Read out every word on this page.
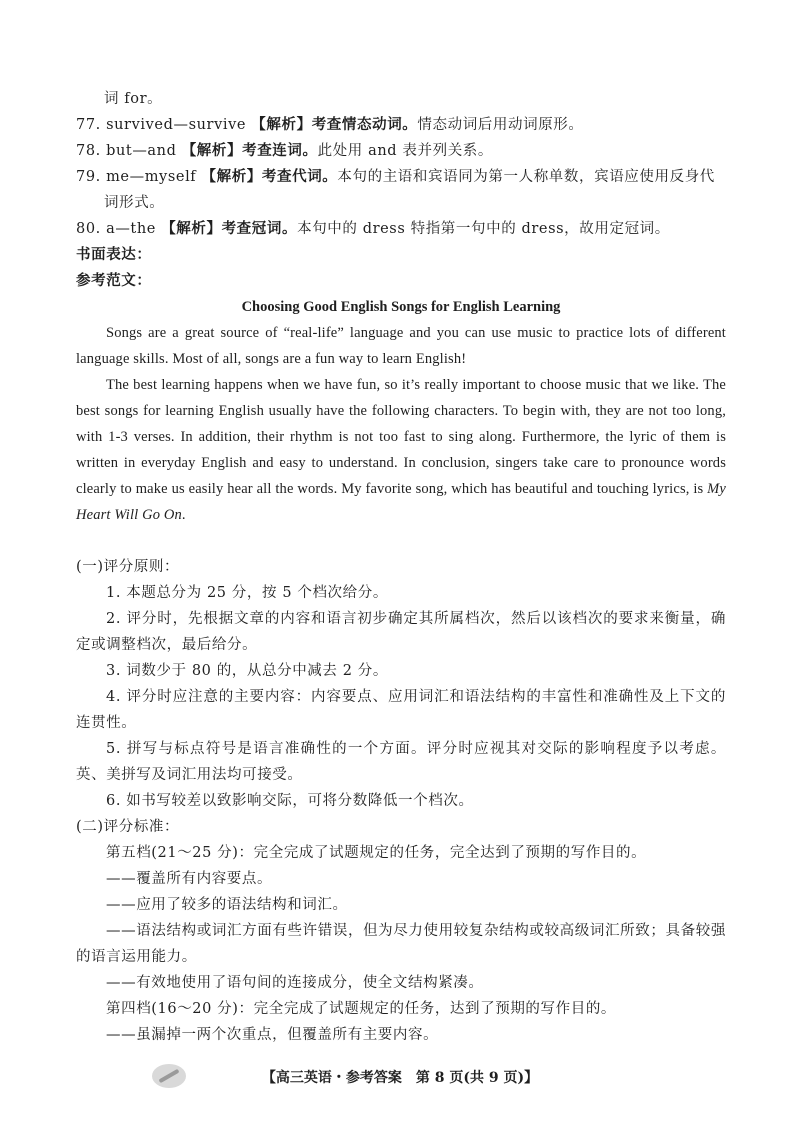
词 for。
77. survived—survive 【解析】考查情态动词。情态动词后用动词原形。
78. but—and 【解析】考查连词。此处用 and 表并列关系。
79. me—myself 【解析】考查代词。本句的主语和宾语同为第一人称单数，宾语应使用反身代
词形式。
80. a—the 【解析】考查冠词。本句中的 dress 特指第一句中的 dress，故用定冠词。
书面表达：
参考范文：
Choosing Good English Songs for English Learning

Songs are a great source of “real-life” language and you can use music to practice lots of different language skills. Most of all, songs are a fun way to learn English!

The best learning happens when we have fun, so it’s really important to choose music that we like. The best songs for learning English usually have the following characters. To begin with, they are not too long, with 1-3 verses. In addition, their rhythm is not too fast to sing along. Furthermore, the lyric of them is written in everyday English and easy to understand. In conclusion, singers take care to pronounce words clearly to make us easily hear all the words. My favorite song, which has beautiful and touching lyrics, is My Heart Will Go On.

(一)评分原则：
1. 本题总分为 25 分，按 5 个档次给分。
2. 评分时，先根据文章的内容和语言初步确定其所属档次，然后以该档次的要求来衡量，确定或调整档次，最后给分。
3. 词数少于 80 的，从总分中减去 2 分。
4. 评分时应注意的主要内容：内容要点、应用词汇和语法结构的丰富性和准确性及上下文的连贯性。
5. 拼写与标点符号是语言准确性的一个方面。评分时应视其对交际的影响程度予以考虑。英、美拼写及词汇用法均可接受。
6. 如书写较差以致影响交际，可将分数降低一个档次。
(二)评分标准：
第五档(21～25 分)：完全完成了试题规定的任务，完全达到了预期的写作目的。
——覆盖所有内容要点。
——应用了较多的语法结构和词汇。
——语法结构或词汇方面有些许错误，但为尽力使用较复杂结构或较高级词汇所致；具备较强的语言运用能力。
——有效地使用了语句间的连接成分，使全文结构紧凑。
第四档(16～20 分)：完全完成了试题规定的任务，达到了预期的写作目的。
——虽漏掉一两个次重点，但覆盖所有主要内容。
【高三英语・参考答案　第 8 页(共 9 页)】
